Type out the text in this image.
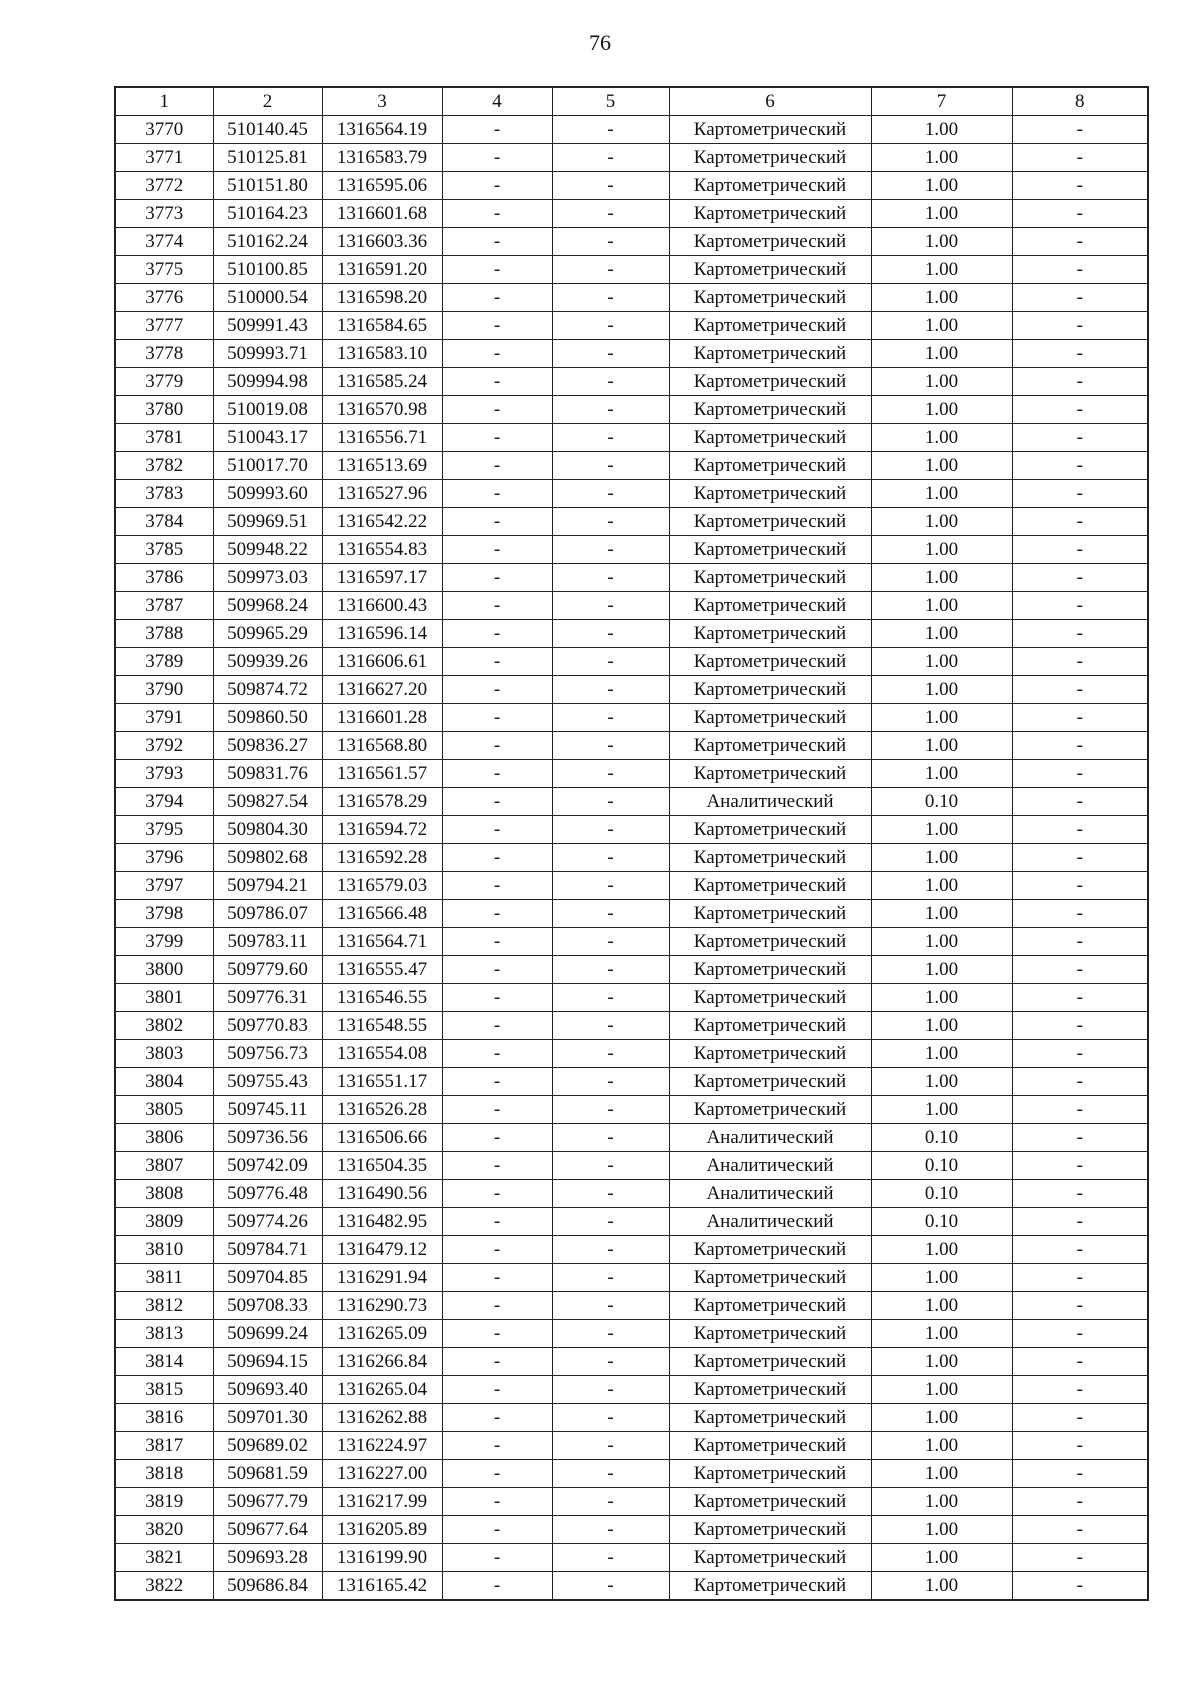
76
1	2	3	4	5	6	7	8
3770	510140.45	1316564.19	-	-	Картометрический	1.00	-
3771	510125.81	1316583.79	-	-	Картометрический	1.00	-
3772	510151.80	1316595.06	-	-	Картометрический	1.00	-
3773	510164.23	1316601.68	-	-	Картометрический	1.00	-
3774	510162.24	1316603.36	-	-	Картометрический	1.00	-
3775	510100.85	1316591.20	-	-	Картометрический	1.00	-
3776	510000.54	1316598.20	-	-	Картометрический	1.00	-
3777	509991.43	1316584.65	-	-	Картометрический	1.00	-
3778	509993.71	1316583.10	-	-	Картометрический	1.00	-
3779	509994.98	1316585.24	-	-	Картометрический	1.00	-
3780	510019.08	1316570.98	-	-	Картометрический	1.00	-
3781	510043.17	1316556.71	-	-	Картометрический	1.00	-
3782	510017.70	1316513.69	-	-	Картометрический	1.00	-
3783	509993.60	1316527.96	-	-	Картометрический	1.00	-
3784	509969.51	1316542.22	-	-	Картометрический	1.00	-
3785	509948.22	1316554.83	-	-	Картометрический	1.00	-
3786	509973.03	1316597.17	-	-	Картометрический	1.00	-
3787	509968.24	1316600.43	-	-	Картометрический	1.00	-
3788	509965.29	1316596.14	-	-	Картометрический	1.00	-
3789	509939.26	1316606.61	-	-	Картометрический	1.00	-
3790	509874.72	1316627.20	-	-	Картометрический	1.00	-
3791	509860.50	1316601.28	-	-	Картометрический	1.00	-
3792	509836.27	1316568.80	-	-	Картометрический	1.00	-
3793	509831.76	1316561.57	-	-	Картометрический	1.00	-
3794	509827.54	1316578.29	-	-	Аналитический	0.10	-
3795	509804.30	1316594.72	-	-	Картометрический	1.00	-
3796	509802.68	1316592.28	-	-	Картометрический	1.00	-
3797	509794.21	1316579.03	-	-	Картометрический	1.00	-
3798	509786.07	1316566.48	-	-	Картометрический	1.00	-
3799	509783.11	1316564.71	-	-	Картометрический	1.00	-
3800	509779.60	1316555.47	-	-	Картометрический	1.00	-
3801	509776.31	1316546.55	-	-	Картометрический	1.00	-
3802	509770.83	1316548.55	-	-	Картометрический	1.00	-
3803	509756.73	1316554.08	-	-	Картометрический	1.00	-
3804	509755.43	1316551.17	-	-	Картометрический	1.00	-
3805	509745.11	1316526.28	-	-	Картометрический	1.00	-
3806	509736.56	1316506.66	-	-	Аналитический	0.10	-
3807	509742.09	1316504.35	-	-	Аналитический	0.10	-
3808	509776.48	1316490.56	-	-	Аналитический	0.10	-
3809	509774.26	1316482.95	-	-	Аналитический	0.10	-
3810	509784.71	1316479.12	-	-	Картометрический	1.00	-
3811	509704.85	1316291.94	-	-	Картометрический	1.00	-
3812	509708.33	1316290.73	-	-	Картометрический	1.00	-
3813	509699.24	1316265.09	-	-	Картометрический	1.00	-
3814	509694.15	1316266.84	-	-	Картометрический	1.00	-
3815	509693.40	1316265.04	-	-	Картометрический	1.00	-
3816	509701.30	1316262.88	-	-	Картометрический	1.00	-
3817	509689.02	1316224.97	-	-	Картометрический	1.00	-
3818	509681.59	1316227.00	-	-	Картометрический	1.00	-
3819	509677.79	1316217.99	-	-	Картометрический	1.00	-
3820	509677.64	1316205.89	-	-	Картометрический	1.00	-
3821	509693.28	1316199.90	-	-	Картометрический	1.00	-
3822	509686.84	1316165.42	-	-	Картометрический	1.00	-
